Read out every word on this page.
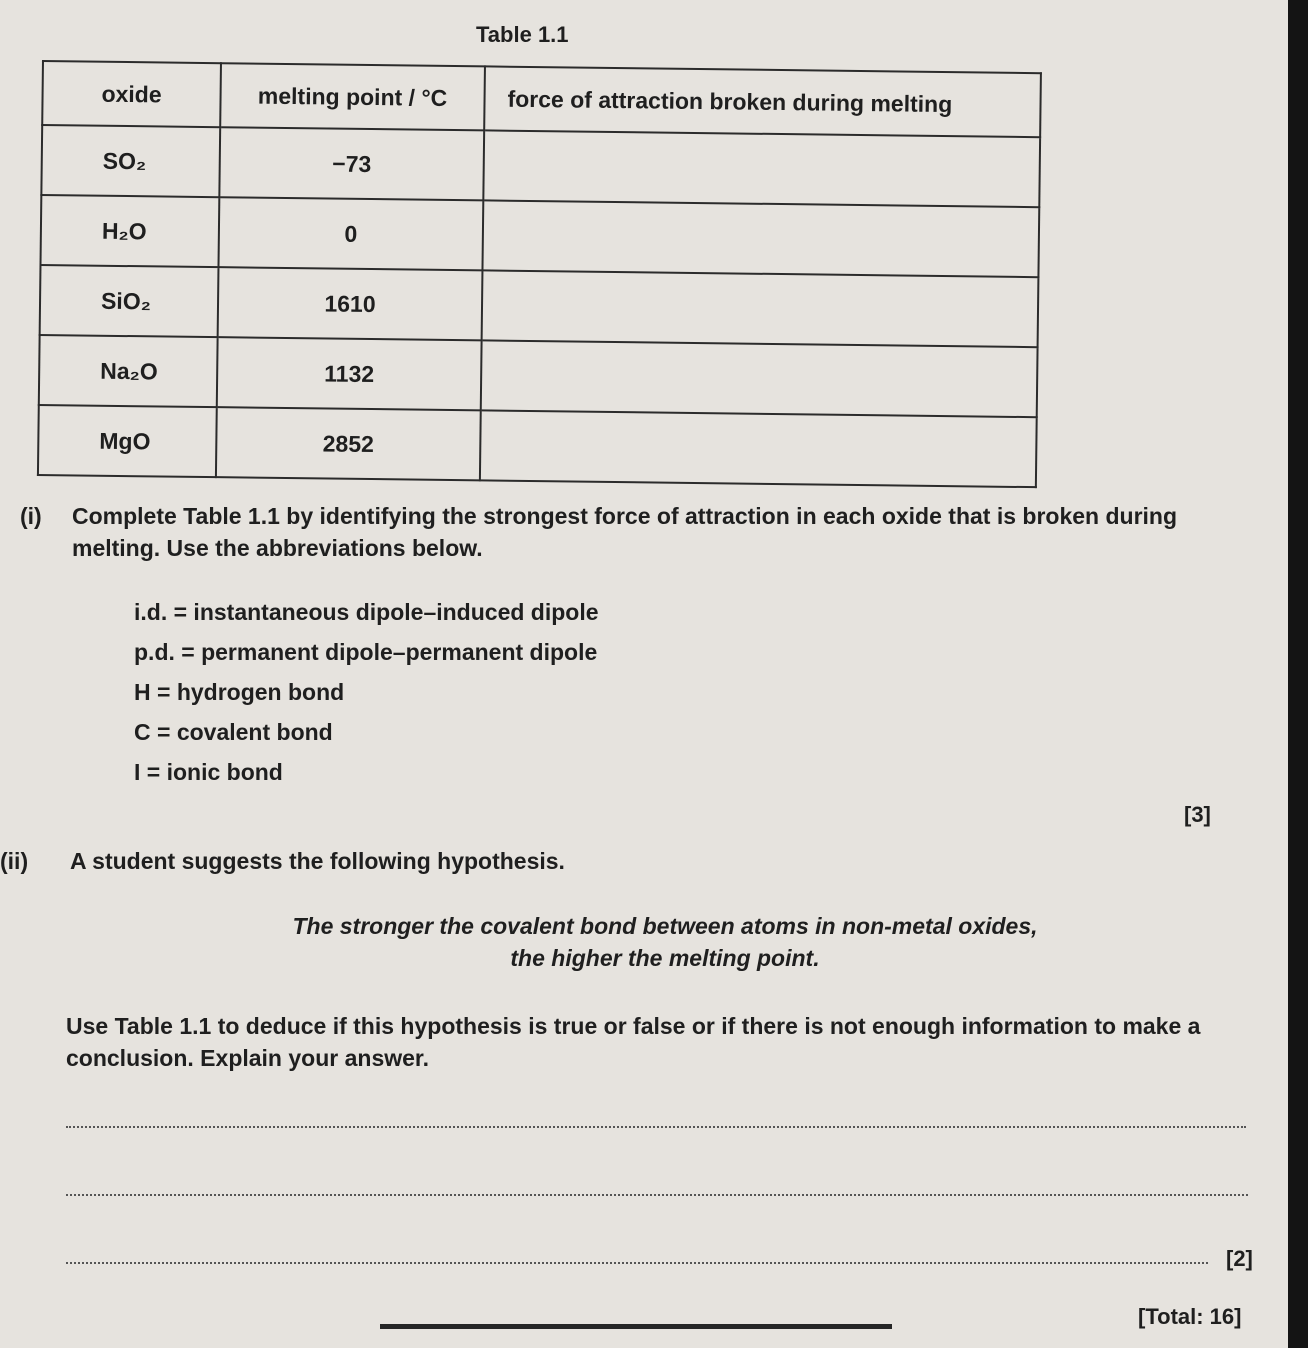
Table 1.1
oxide	melting point / °C	force of attraction broken during melting
SO₂	−73	
H₂O	0	
SiO₂	1610	
Na₂O	1132	
MgO	2852	
(i) Complete Table 1.1 by identifying the strongest force of attraction in each oxide that is broken during melting. Use the abbreviations below.
i.d. = instantaneous dipole–induced dipole
p.d. = permanent dipole–permanent dipole
H = hydrogen bond
C = covalent bond
I = ionic bond
[3]
(ii) A student suggests the following hypothesis.
The stronger the covalent bond between atoms in non-metal oxides,
the higher the melting point.
Use Table 1.1 to deduce if this hypothesis is true or false or if there is not enough information to make a conclusion. Explain your answer.
[2]
[Total: 16]
